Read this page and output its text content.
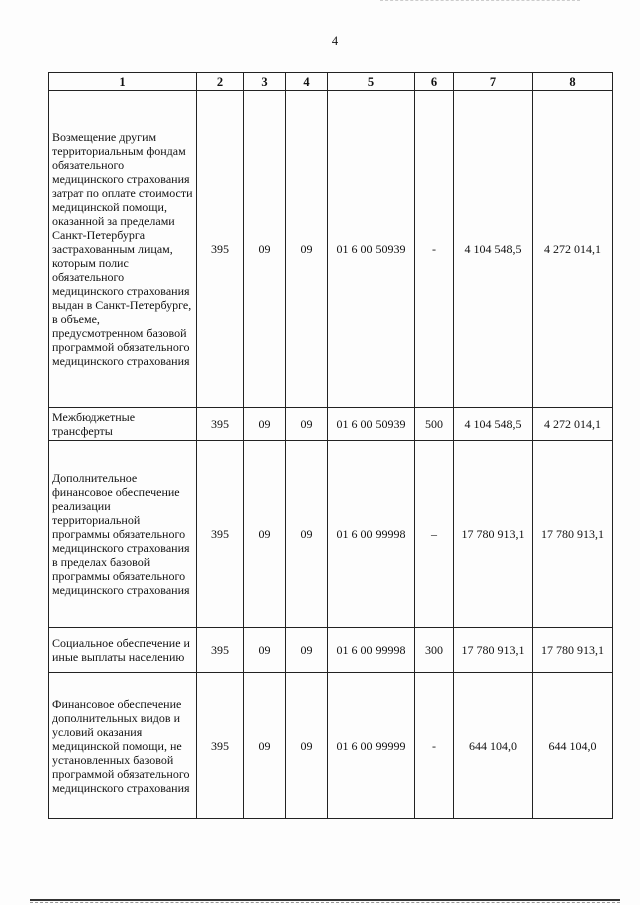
4
1	2	3	4	5	6	7	8
Возмещение другим территориальным фондам обязательного медицинского страхования затрат по оплате стоимости медицинской помощи, оказанной за пределами Санкт-Петербурга застрахованным лицам, которым полис обязательного медицинского страхования выдан в Санкт-Петербурге, в объеме, предусмотренном базовой программой обязательного медицинского страхования	395	09	09	01 6 00 50939	-	4 104 548,5	4 272 014,1
Межбюджетные трансферты	395	09	09	01 6 00 50939	500	4 104 548,5	4 272 014,1
Дополнительное финансовое обеспечение реализации территориальной программы обязательного медицинского страхования в пределах базовой программы обязательного медицинского страхования	395	09	09	01 6 00 99998	–	17 780 913,1	17 780 913,1
Социальное обеспечение и иные выплаты населению	395	09	09	01 6 00 99998	300	17 780 913,1	17 780 913,1
Финансовое обеспечение дополнительных видов и условий оказания медицинской помощи, не установленных базовой программой обязательного медицинского страхования	395	09	09	01 6 00 99999	-	644 104,0	644 104,0
